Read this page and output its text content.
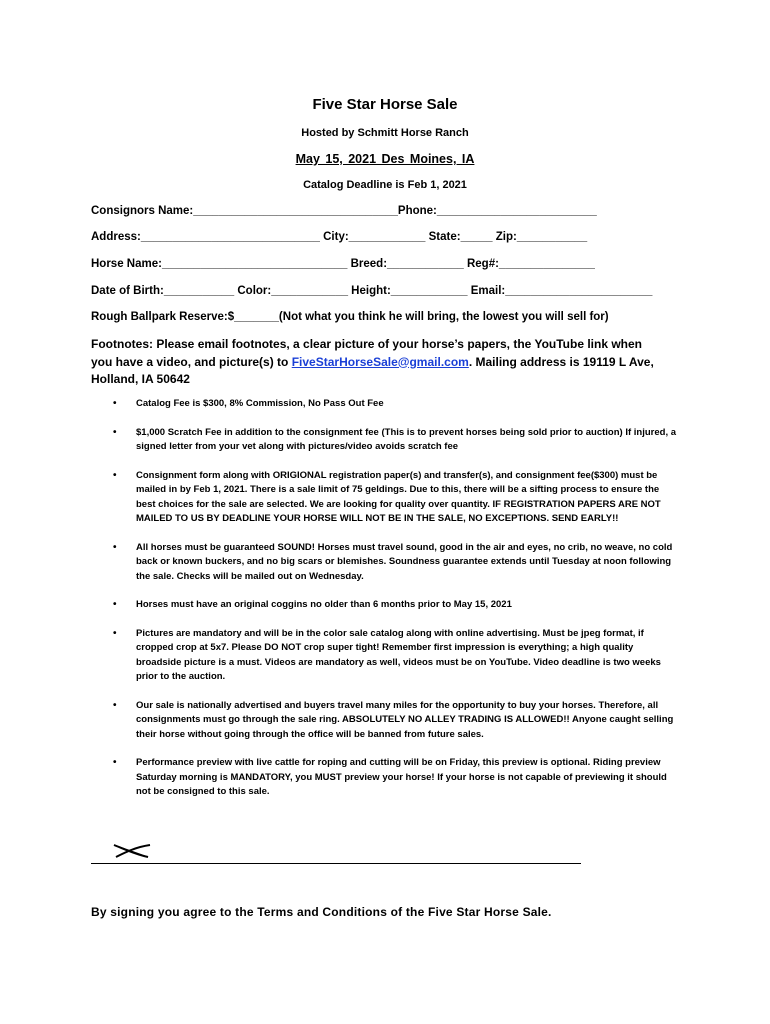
Five Star Horse Sale
Hosted by Schmitt Horse Ranch
May 15, 2021 Des Moines, IA
Catalog Deadline is Feb 1, 2021
Consignors Name:________________________________Phone:_________________________
Address:____________________________ City:____________ State:_____ Zip:___________
Horse Name:_____________________________ Breed:____________ Reg#:_______________
Date of Birth:___________ Color:____________ Height:____________ Email:_______________________
Rough Ballpark Reserve:$_______(Not what you think he will bring, the lowest you will sell for)
Footnotes: Please email footnotes, a clear picture of your horse’s papers, the YouTube link when you have a video, and picture(s) to FiveStarHorseSale@gmail.com. Mailing address is 19119 L Ave, Holland, IA 50642
• Catalog Fee is $300, 8% Commission, No Pass Out Fee
• $1,000 Scratch Fee in addition to the consignment fee (This is to prevent horses being sold prior to auction) If injured, a signed letter from your vet along with pictures/video avoids scratch fee
• Consignment form along with ORIGIONAL registration paper(s) and transfer(s), and consignment fee($300) must be mailed in by Feb 1, 2021. There is a sale limit of 75 geldings. Due to this, there will be a sifting process to ensure the best choices for the sale are selected. We are looking for quality over quantity. IF REGISTRATION PAPERS ARE NOT MAILED TO US BY DEADLINE YOUR HORSE WILL NOT BE IN THE SALE, NO EXCEPTIONS. SEND EARLY!!
• All horses must be guaranteed SOUND! Horses must travel sound, good in the air and eyes, no crib, no weave, no cold back or known buckers, and no big scars or blemishes. Soundness guarantee extends until Tuesday at noon following the sale. Checks will be mailed out on Wednesday.
• Horses must have an original coggins no older than 6 months prior to May 15, 2021
• Pictures are mandatory and will be in the color sale catalog along with online advertising. Must be jpeg format, if cropped crop at 5x7. Please DO NOT crop super tight! Remember first impression is everything; a high quality broadside picture is a must. Videos are mandatory as well, videos must be on YouTube. Video deadline is two weeks prior to the auction.
• Our sale is nationally advertised and buyers travel many miles for the opportunity to buy your horses. Therefore, all consignments must go through the sale ring. ABSOLUTELY NO ALLEY TRADING IS ALLOWED!! Anyone caught selling their horse without going through the office will be banned from future sales.
• Performance preview with live cattle for roping and cutting will be on Friday, this preview is optional. Riding preview Saturday morning is MANDATORY, you MUST preview your horse! If your horse is not capable of previewing it should not be consigned to this sale.
By signing you agree to the Terms and Conditions of the Five Star Horse Sale.
